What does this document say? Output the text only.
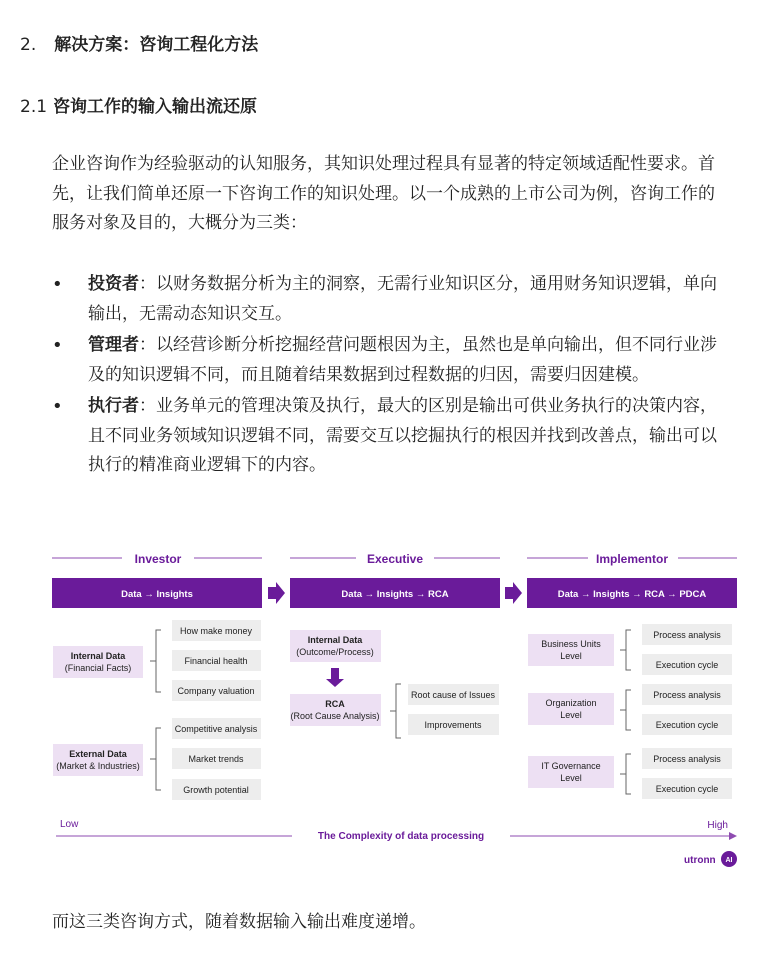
2. 解决方案：咨询工程化方法
2.1 咨询工作的输入输出流还原
企业咨询作为经验驱动的认知服务，其知识处理过程具有显著的特定领域适配性要求。首先，让我们简单还原一下咨询工作的知识处理。以一个成熟的上市公司为例，咨询工作的服务对象及目的，大概分为三类：
• 投资者：以财务数据分析为主的洞察，无需行业知识区分，通用财务知识逻辑，单向输出，无需动态知识交互。
• 管理者：以经营诊断分析挖掘经营问题根因为主，虽然也是单向输出，但不同行业涉及的知识逻辑不同，而且随着结果数据到过程数据的归因，需要归因建模。
• 执行者：业务单元的管理决策及执行，最大的区别是输出可供业务执行的决策内容，且不同业务领域知识逻辑不同，需要交互以挖掘执行的根因并找到改善点，输出可以执行的精准商业逻辑下的内容。
Investor	Executive	Implementor
Data → Insights	Data → Insights → RCA	Data → Insights → RCA → PDCA
Internal Data
(Financial Facts)
How make money
Financial health
Company valuation
External Data
(Market & Industries)
Competitive analysis
Market trends
Growth potential
Internal Data
(Outcome/Process)
RCA
(Root Cause Analysis)
Root cause of Issues
Improvements
Business Units
Level
Process analysis
Execution cycle
Organization
Level
Process analysis
Execution cycle
IT Governance
Level
Process analysis
Execution cycle
Low	High
The Complexity of data processing
utronn AI
而这三类咨询方式，随着数据输入输出难度递增。
